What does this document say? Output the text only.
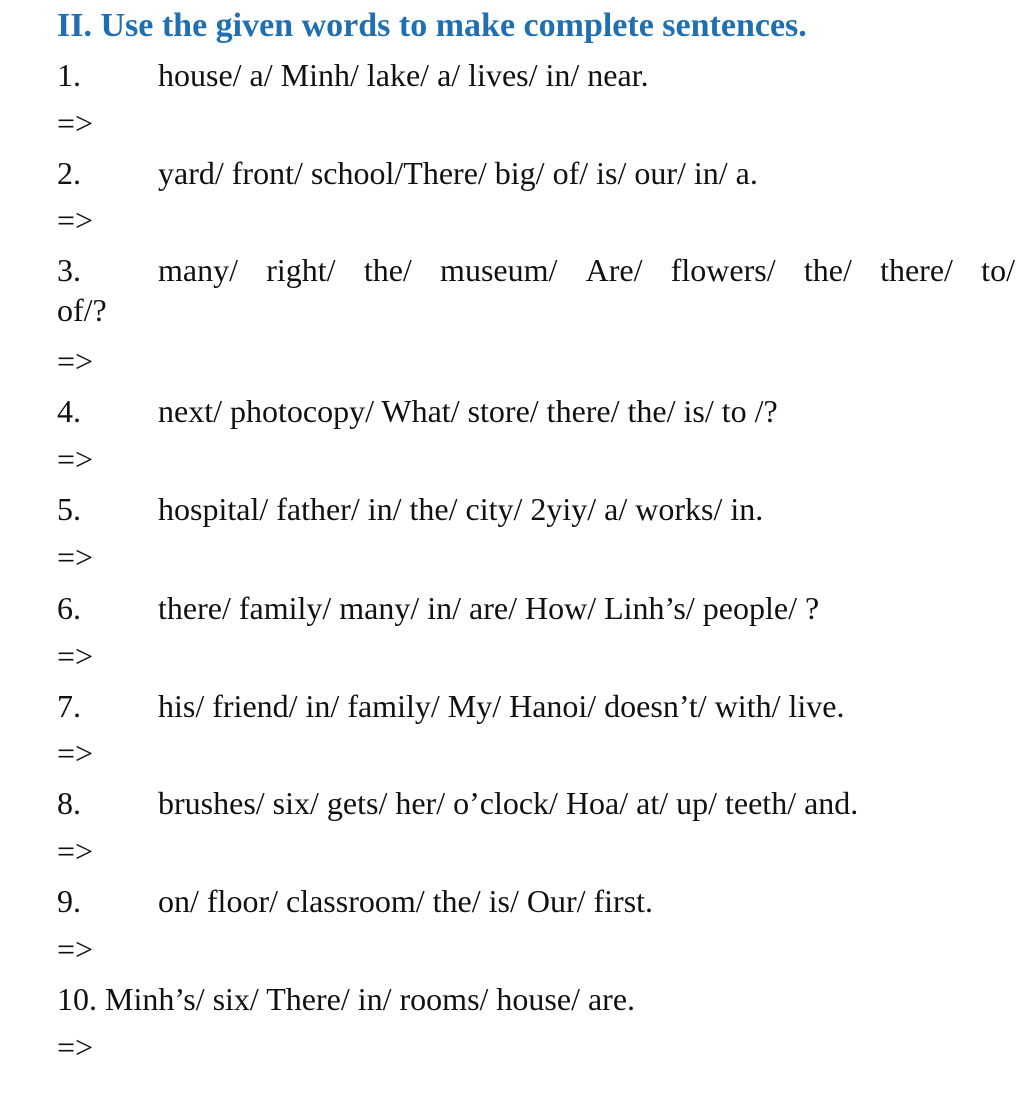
II. Use the given words to make complete sentences.
1. house/ a/ Minh/ lake/ a/ lives/ in/ near.
=>
2. yard/ front/ school/There/ big/ of/ is/ our/ in/ a.
=>
3. many/ right/ the/ museum/ Are/ flowers/ the/ there/ to/
of/?
=>
4. next/ photocopy/ What/ store/ there/ the/ is/ to /?
=>
5. hospital/ father/ in/ the/ city/ 2yiy/ a/ works/ in.
=>
6. there/ family/ many/ in/ are/ How/ Linh’s/ people/ ?
=>
7. his/ friend/ in/ family/ My/ Hanoi/ doesn’t/ with/ live.
=>
8. brushes/ six/ gets/ her/ o’clock/ Hoa/ at/ up/ teeth/ and.
=>
9. on/ floor/ classroom/ the/ is/ Our/ first.
=>
10. Minh’s/ six/ There/ in/ rooms/ house/ are.
=>
